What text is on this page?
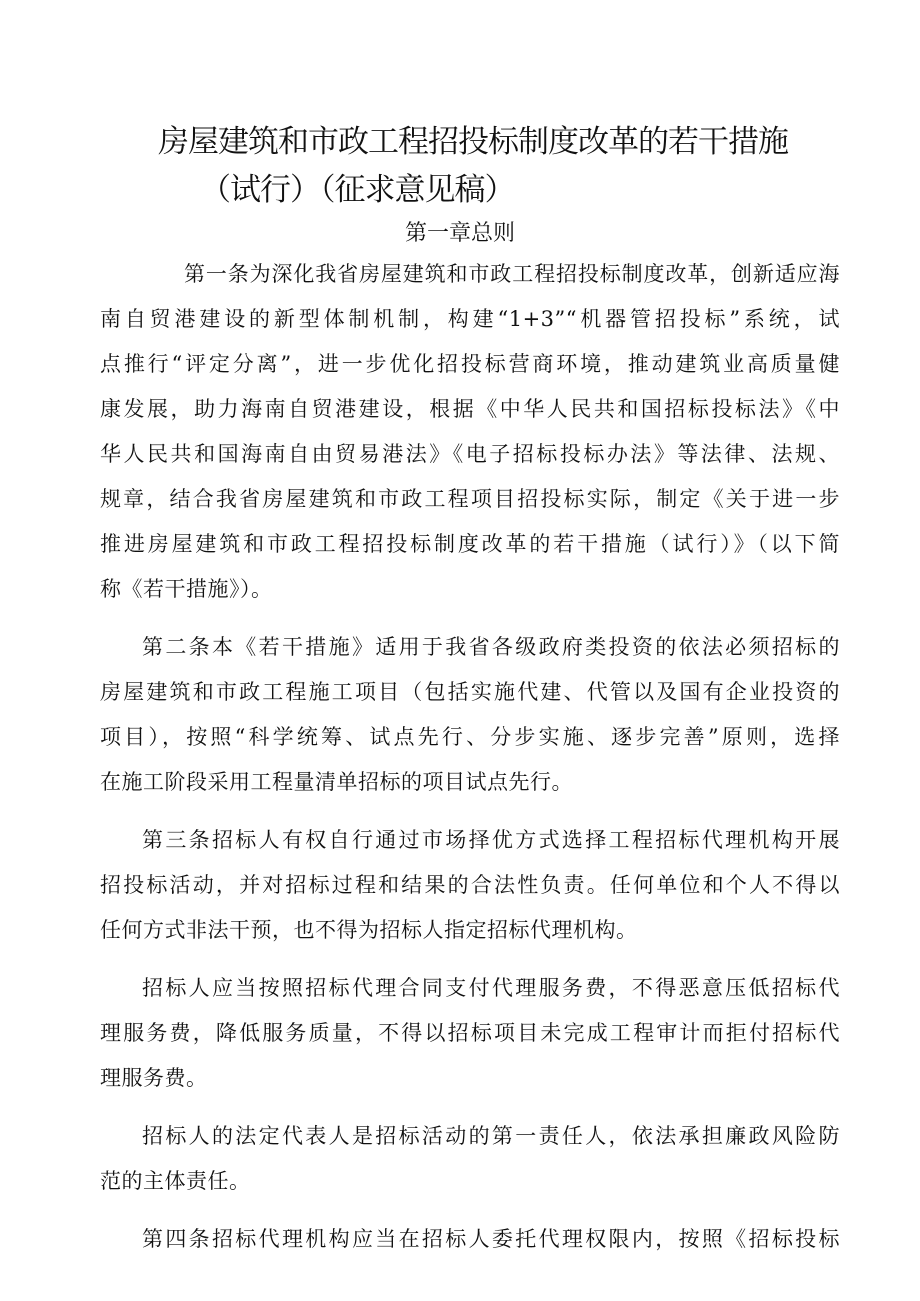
房屋建筑和市政工程招投标制度改革的若干措施
（试行）（征求意见稿）
第一章总则
第一条为深化我省房屋建筑和市政工程招投标制度改革，创新适应海
南自贸港建设的新型体制机制，构建“1+3”“机器管招投标”系统，试
点推行“评定分离”，进一步优化招投标营商环境，推动建筑业高质量健
康发展，助力海南自贸港建设，根据《中华人民共和国招标投标法》《中
华人民共和国海南自由贸易港法》《电子招标投标办法》等法律、法规、
规章，结合我省房屋建筑和市政工程项目招投标实际，制定《关于进一步
推进房屋建筑和市政工程招投标制度改革的若干措施（试行）》（以下简
称《若干措施》）。
第二条本《若干措施》适用于我省各级政府类投资的依法必须招标的
房屋建筑和市政工程施工项目（包括实施代建、代管以及国有企业投资的
项目），按照“科学统筹、试点先行、分步实施、逐步完善”原则，选择
在施工阶段采用工程量清单招标的项目试点先行。
第三条招标人有权自行通过市场择优方式选择工程招标代理机构开展
招投标活动，并对招标过程和结果的合法性负责。任何单位和个人不得以
任何方式非法干预，也不得为招标人指定招标代理机构。
招标人应当按照招标代理合同支付代理服务费，不得恶意压低招标代
理服务费，降低服务质量，不得以招标项目未完成工程审计而拒付招标代
理服务费。
招标人的法定代表人是招标活动的第一责任人，依法承担廉政风险防
范的主体责任。
第四条招标代理机构应当在招标人委托代理权限内，按照《招标投标
